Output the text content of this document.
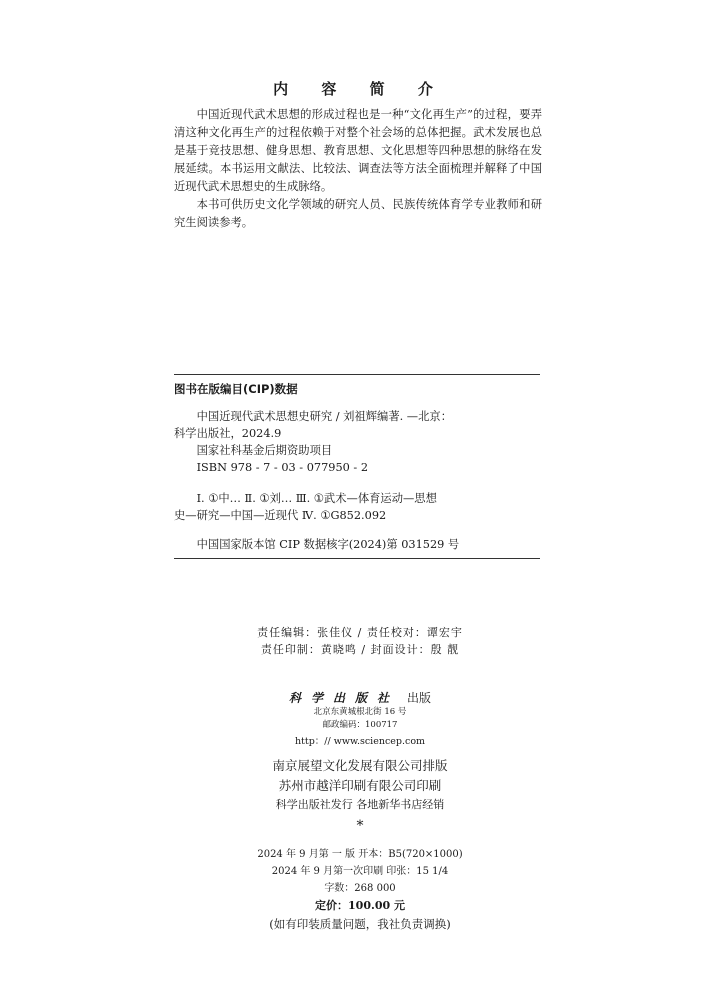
内 容 简 介

中国近现代武术思想的形成过程也是一种“文化再生产”的过程，要弄清这种文化再生产的过程依赖于对整个社会场的总体把握。武术发展也总是基于竞技思想、健身思想、教育思想、文化思想等四种思想的脉络在发展延续。本书运用文献法、比较法、调查法等方法全面梳理并解释了中国近现代武术思想史的生成脉络。

本书可供历史文化学领域的研究人员、民族传统体育学专业教师和研究生阅读参考。

图书在版编目(CIP)数据

中国近现代武术思想史研究 / 刘祖辉编著. —北京：

科学出版社，2024.9

国家社科基金后期资助项目

ISBN 978 - 7 - 03 - 077950 - 2

Ⅰ. ①中… Ⅱ. ①刘… Ⅲ. ①武术—体育运动—思想

史—研究—中国—近现代 Ⅳ. ①G852.092

中国国家版本馆 CIP 数据核字(2024)第 031529 号

责任编辑：张佳仪 / 责任校对：谭宏宇
责任印制：黄晓鸣 / 封面设计：殷 靓
科学出版社 出版
北京东黄城根北街 16 号
邮政编码：100717
http：// www.sciencep.com
南京展望文化发展有限公司排版
苏州市越洋印刷有限公司印刷
科学出版社发行 各地新华书店经销
*
2024 年 9 月第 一 版 开本：B5(720×1000)
2024 年 9 月第一次印刷 印张：15 1/4
字数：268 000
定价：100.00 元
(如有印装质量问题，我社负责调换)
